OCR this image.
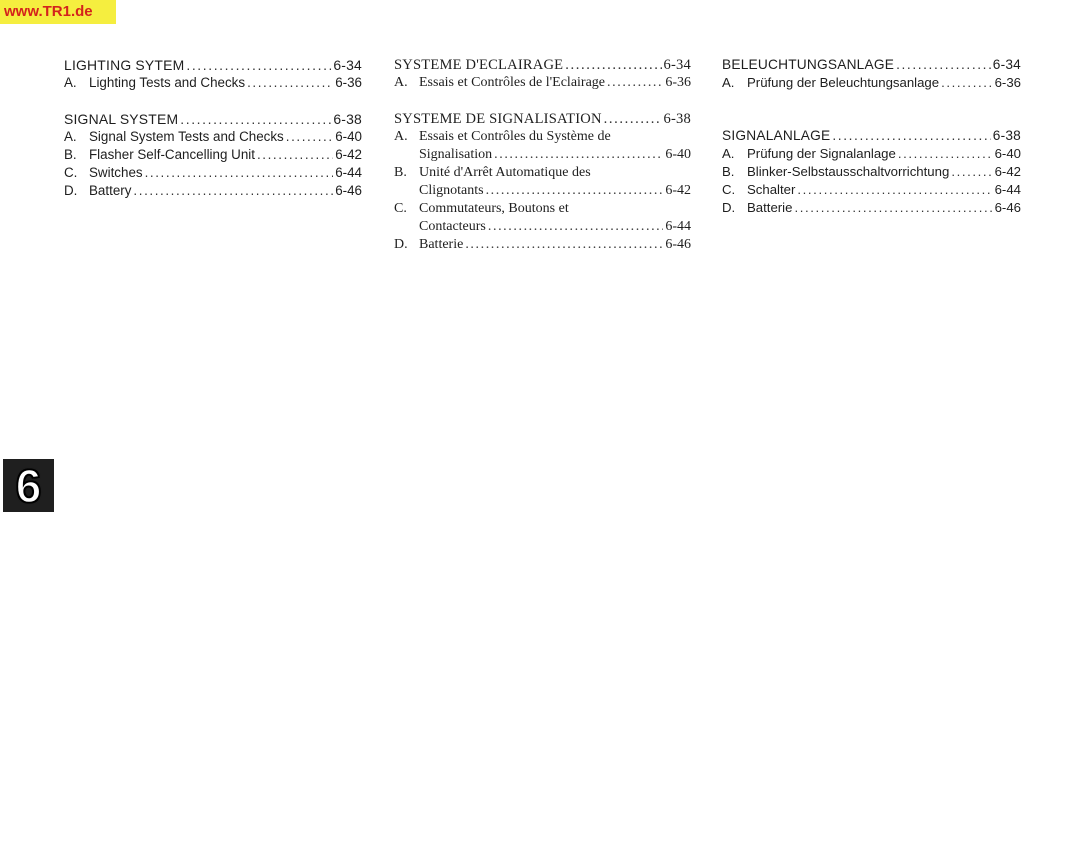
www.TR1.de
LIGHTING SYTEM .....	6-34
A. Lighting Tests and Checks .....	6-36
SIGNAL SYSTEM .....	6-38
A. Signal System Tests and Checks .....	6-40
B. Flasher Self-Cancelling Unit .....	6-42
C. Switches .....	6-44
D. Battery .....	6-46
SYSTEME D'ECLAIRAGE .....	6-34
A. Essais et Contrôles de l'Eclairage .....	6-36
SYSTEME DE SIGNALISATION .....	6-38
A. Essais et Contrôles du Système de
Signalisation .....	6-40
B. Unité d'Arrêt Automatique des
Clignotants .....	6-42
C. Commutateurs, Boutons et
Contacteurs .....	6-44
D. Batterie .....	6-46
BELEUCHTUNGSANLAGE .....	6-34
A. Prüfung der Beleuchtungsanlage .....	6-36
SIGNALANLAGE .....	6-38
A. Prüfung der Signalanlage .....	6-40
B. Blinker-Selbstausschaltvorrichtung .....	6-42
C. Schalter .....	6-44
D. Batterie .....	6-46
6
